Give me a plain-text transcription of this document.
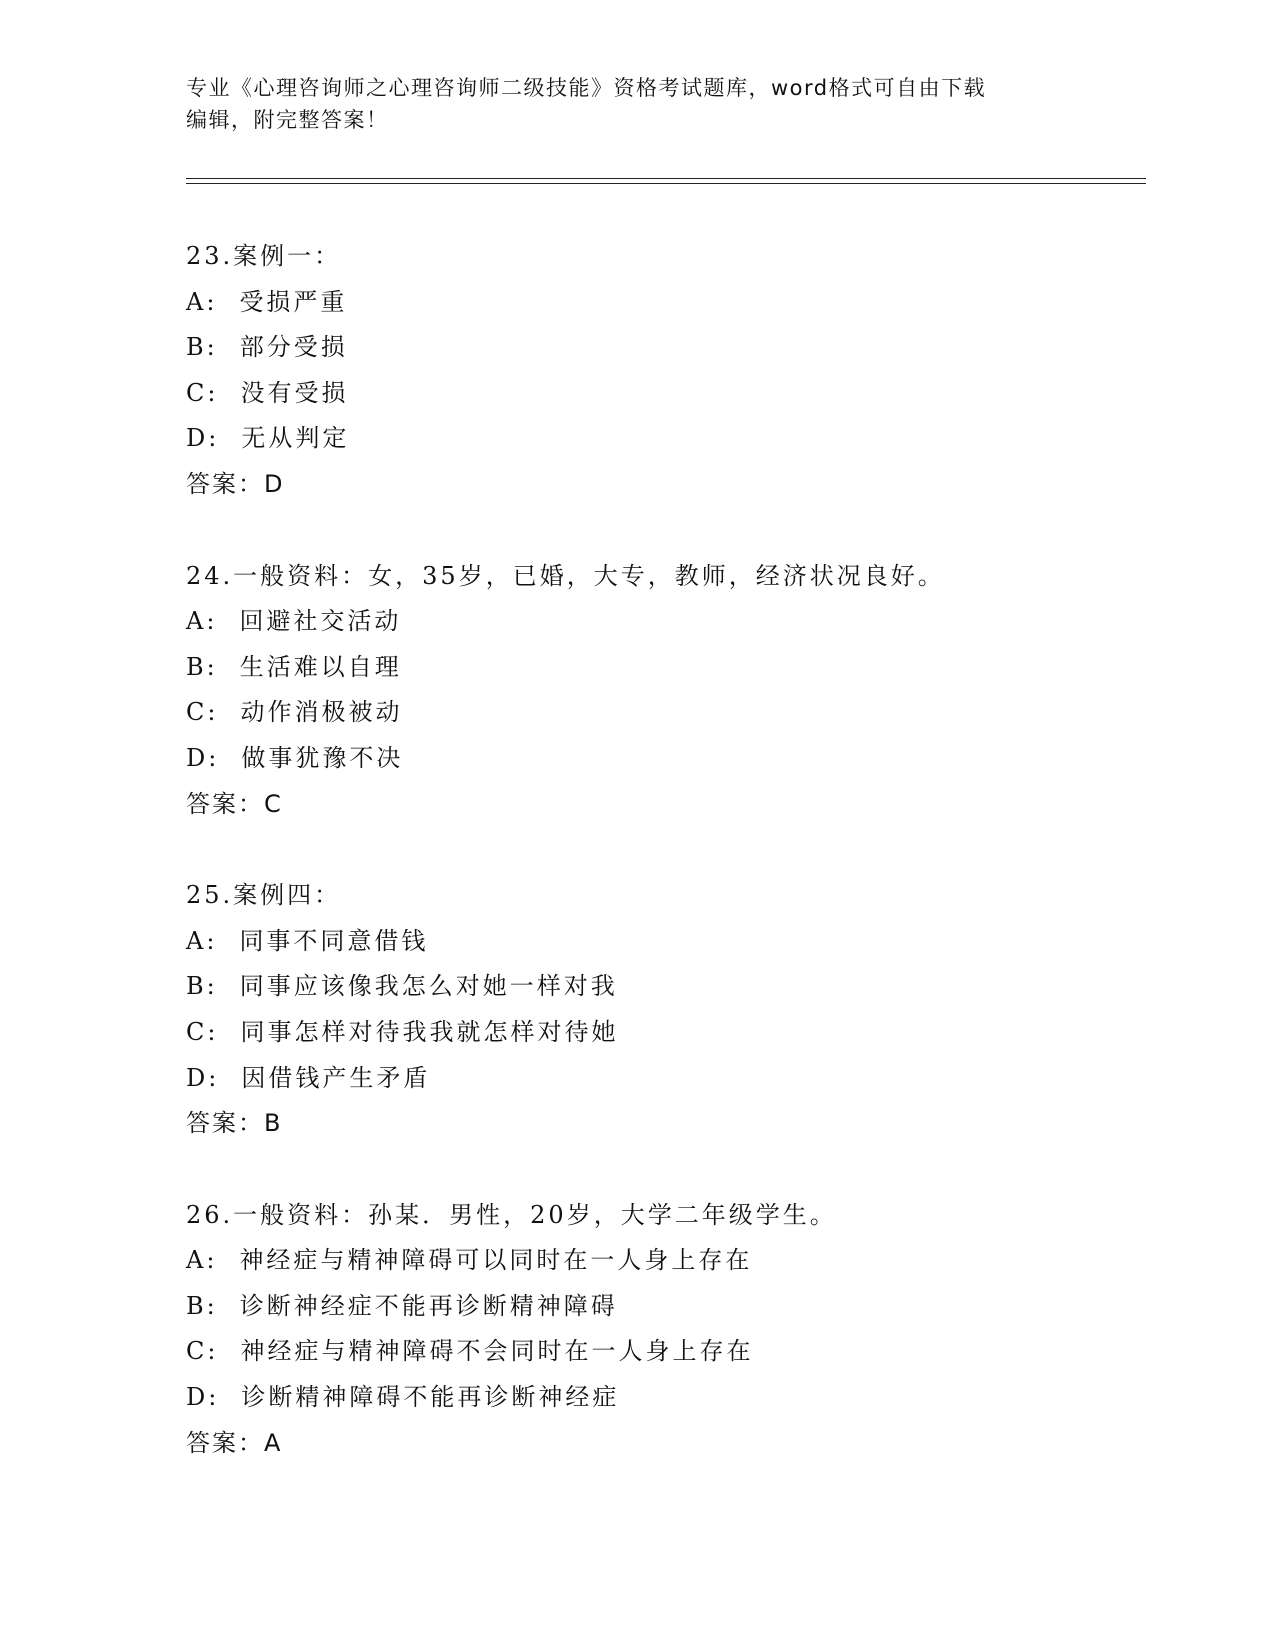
专业《心理咨询师之心理咨询师二级技能》资格考试题库，word格式可自由下载
编辑，附完整答案！
23.案例一：
A: 受损严重
B: 部分受损
C: 没有受损
D: 无从判定
答案：D
24.一般资料：女，35岁，已婚，大专，教师，经济状况良好。
A: 回避社交活动
B: 生活难以自理
C: 动作消极被动
D: 做事犹豫不决
答案：C
25.案例四：
A: 同事不同意借钱
B: 同事应该像我怎么对她一样对我
C: 同事怎样对待我我就怎样对待她
D: 因借钱产生矛盾
答案：B
26.一般资料：孙某．男性，20岁，大学二年级学生。
A: 神经症与精神障碍可以同时在一人身上存在
B: 诊断神经症不能再诊断精神障碍
C: 神经症与精神障碍不会同时在一人身上存在
D: 诊断精神障碍不能再诊断神经症
答案：A
